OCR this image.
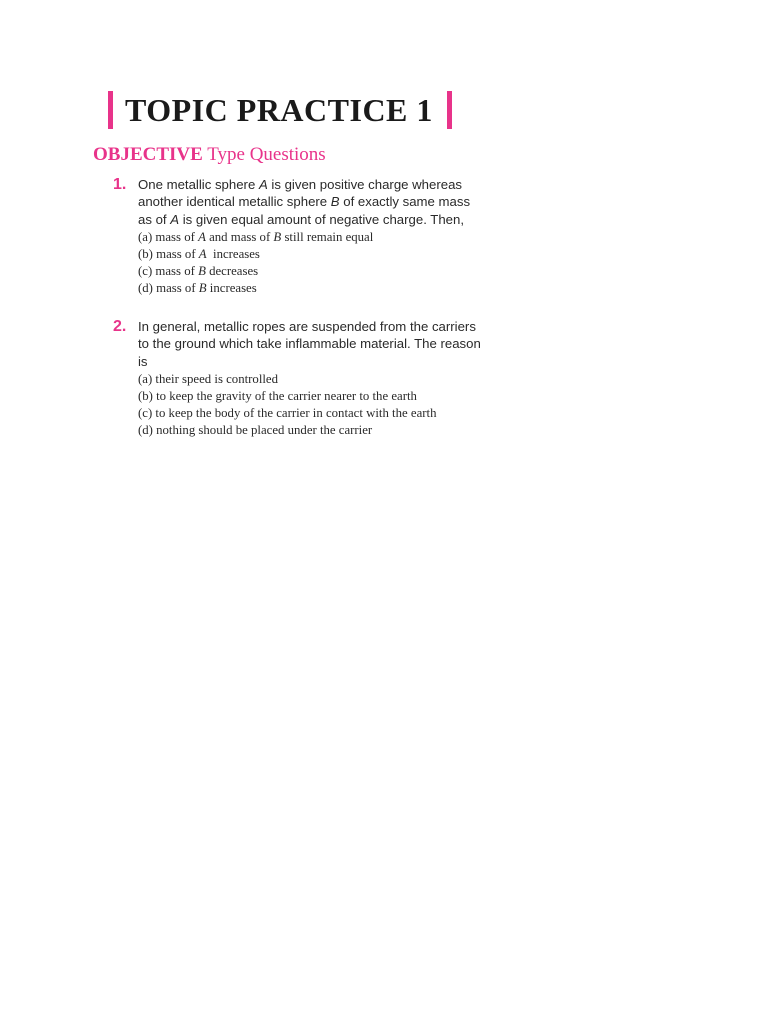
TOPIC PRACTICE 1
OBJECTIVE Type Questions
1. One metallic sphere A is given positive charge whereas another identical metallic sphere B of exactly same mass as of A is given equal amount of negative charge. Then,
(a) mass of A and mass of B still remain equal
(b) mass of A  increases
(c) mass of B decreases
(d) mass of B increases
2. In general, metallic ropes are suspended from the carriers to the ground which take inflammable material. The reason is
(a) their speed is controlled
(b) to keep the gravity of the carrier nearer to the earth
(c) to keep the body of the carrier in contact with the earth
(d) nothing should be placed under the carrier
